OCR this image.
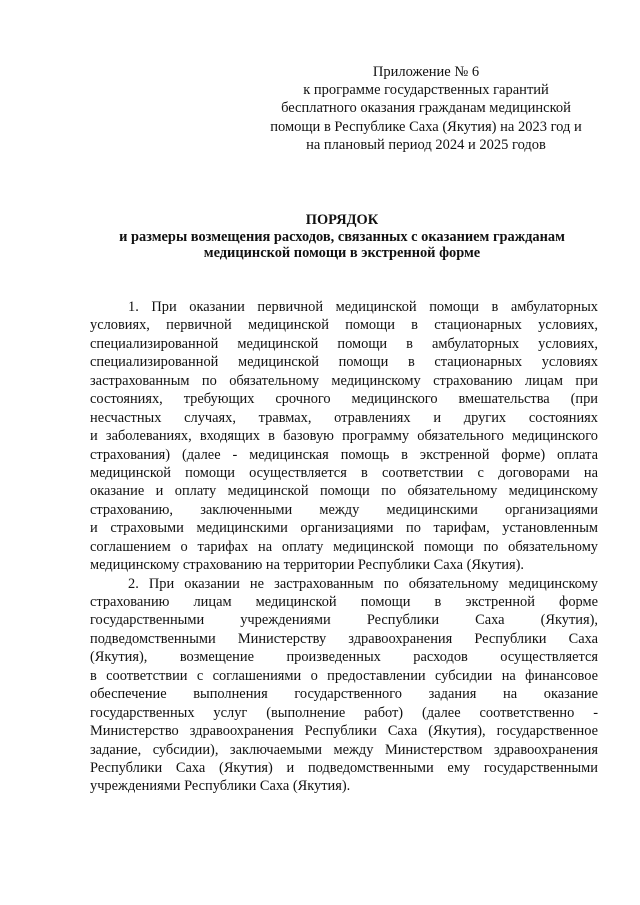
Приложение № 6
к программе государственных гарантий
бесплатного оказания гражданам медицинской
помощи в Республике Саха (Якутия) на 2023 год и
на плановый период 2024 и 2025 годов
ПОРЯДОК
и размеры возмещения расходов, связанных с оказанием гражданам
медицинской помощи в экстренной форме

1. При оказании первичной медицинской помощи в амбулаторных
условиях, первичной медицинской помощи в стационарных условиях,
специализированной медицинской помощи в амбулаторных условиях,
специализированной медицинской помощи в стационарных условиях
застрахованным по обязательному медицинскому страхованию лицам при
состояниях, требующих срочного медицинского вмешательства (при
несчастных случаях, травмах, отравлениях и других состояниях
и заболеваниях, входящих в базовую программу обязательного медицинского
страхования) (далее - медицинская помощь в экстренной форме) оплата
медицинской помощи осуществляется в соответствии с договорами на
оказание и оплату медицинской помощи по обязательному медицинскому
страхованию, заключенными между медицинскими организациями
и страховыми медицинскими организациями по тарифам, установленным
соглашением о тарифах на оплату медицинской помощи по обязательному
медицинскому страхованию на территории Республики Саха (Якутия).

2. При оказании не застрахованным по обязательному медицинскому
страхованию лицам медицинской помощи в экстренной форме
государственными учреждениями Республики Саха (Якутия),
подведомственными Министерству здравоохранения Республики Саха
(Якутия), возмещение произведенных расходов осуществляется
в соответствии с соглашениями о предоставлении субсидии на финансовое
обеспечение выполнения государственного задания на оказание
государственных услуг (выполнение работ) (далее соответственно -
Министерство здравоохранения Республики Саха (Якутия), государственное
задание, субсидии), заключаемыми между Министерством здравоохранения
Республики Саха (Якутия) и подведомственными ему государственными
учреждениями Республики Саха (Якутия).
